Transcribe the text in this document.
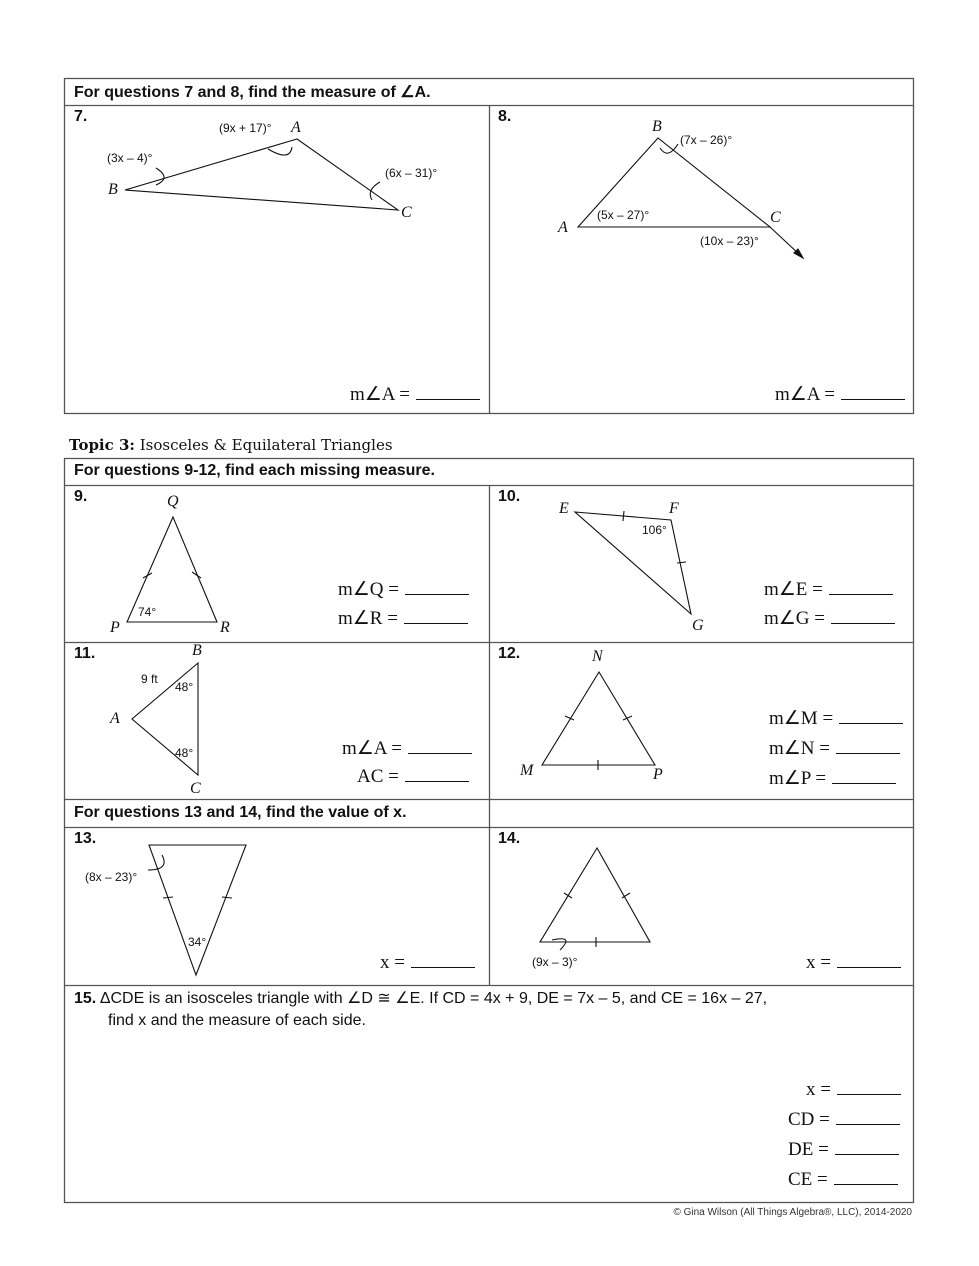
For questions 7 and 8, find the measure of ∠A.
7.
(9x + 17)° A
(3x – 4)°
B
(6x – 31)°
C
m∠A =
8.
B
(7x – 26)°
(5x – 27)°
A
C
(10x – 23)°
m∠A =
Topic 3: Isosceles & Equilateral Triangles
For questions 9-12, find each missing measure.
9.	Q
74°
P	R
m∠Q =
m∠R =
10.
E	F
106°
G
m∠E =
m∠G =
11.	B
9 ft
48°
A
48°
C
m∠A =
AC =
12.	N
M	P
m∠M =
m∠N =
m∠P =
For questions 13 and 14, find the value of x.
13.
(8x – 23)°
34°
x =
14.
(9x – 3)°	x =
15. ΔCDE is an isosceles triangle with ∠D ≅ ∠E. If CD = 4x + 9, DE = 7x – 5, and CE = 16x – 27,
find x and the measure of each side.
x =
CD =
DE =
CE =
© Gina Wilson (All Things Algebra®, LLC), 2014-2020
